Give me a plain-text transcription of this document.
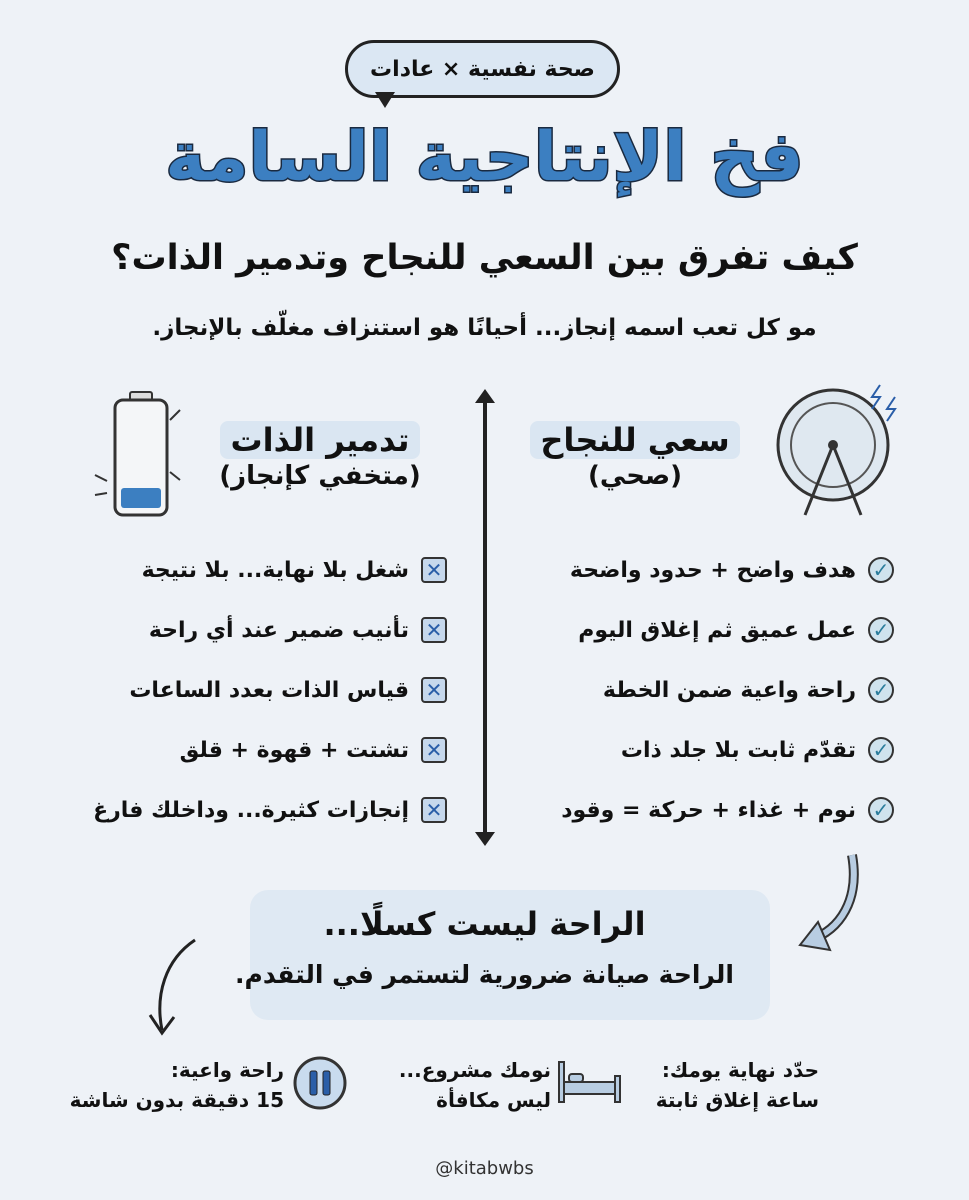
صحة نفسية × عادات
فخ الإنتاجية السامة
كيف تفرق بين السعي للنجاح وتدمير الذات؟
مو كل تعب اسمه إنجاز... أحيانًا هو استنزاف مغلّف بالإنجاز.
سعي للنجاح
(صحي)
✓
هدف واضح + حدود واضحة
✓
عمل عميق ثم إغلاق اليوم
✓
راحة واعية ضمن الخطة
✓
تقدّم ثابت بلا جلد ذات
✓
نوم + غذاء + حركة = وقود
تدمير الذات
(متخفي كإنجاز)
✕
شغل بلا نهاية... بلا نتيجة
✕
تأنيب ضمير عند أي راحة
✕
قياس الذات بعدد الساعات
✕
تشتت + قهوة + قلق
✕
إنجازات كثيرة... وداخلك فارغ
الراحة ليست كسلًا...
الراحة صيانة ضرورية لتستمر في التقدم.
حدّد نهاية يومك:
ساعة إغلاق ثابتة
نومك مشروع...
ليس مكافأة
راحة واعية:
15 دقيقة بدون شاشة
@kitabwbs
